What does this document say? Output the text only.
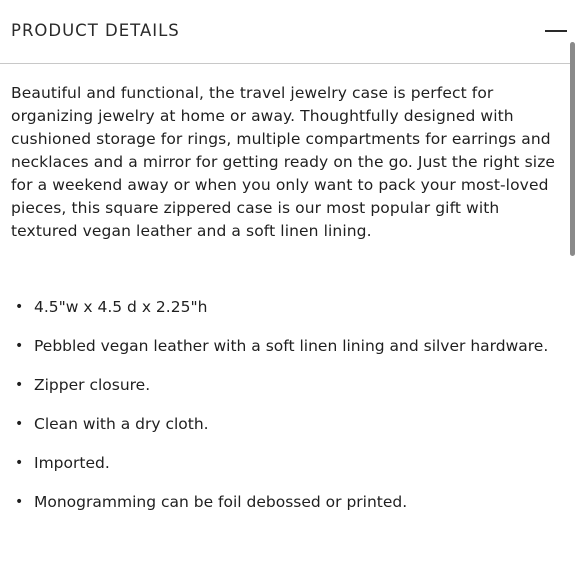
PRODUCT DETAILS

Beautiful and functional, the travel jewelry case is perfect for organizing jewelry at home or away. Thoughtfully designed with cushioned storage for rings, multiple compartments for earrings and necklaces and a mirror for getting ready on the go. Just the right size for a weekend away or when you only want to pack your most-loved pieces, this square zippered case is our most popular gift with textured vegan leather and a soft linen lining.

• 4.5"w x 4.5 d x 2.25"h
• Pebbled vegan leather with a soft linen lining and silver hardware.
• Zipper closure.
• Clean with a dry cloth.
• Imported.
• Monogramming can be foil debossed or printed.
